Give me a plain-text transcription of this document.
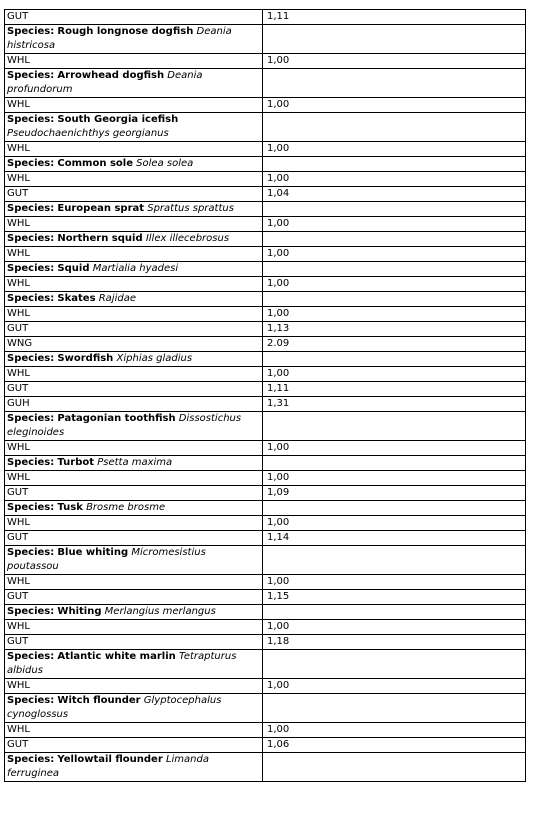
GUT	1,11
Species: Rough longnose dogfish Deania histricosa	
WHL	1,00
Species: Arrowhead dogfish Deania profundorum	
WHL	1,00
Species: South Georgia icefish Pseudochaenichthys georgianus	
WHL	1,00
Species: Common sole Solea solea	
WHL	1,00
GUT	1,04
Species: European sprat Sprattus sprattus	
WHL	1,00
Species: Northern squid Illex illecebrosus	
WHL	1,00
Species: Squid Martialia hyadesi	
WHL	1,00
Species: Skates Rajidae	
WHL	1,00
GUT	1,13
WNG	2.09
Species: Swordfish Xiphias gladius	
WHL	1,00
GUT	1,11
GUH	1,31
Species: Patagonian toothfish Dissostichus eleginoides	
WHL	1,00
Species: Turbot Psetta maxima	
WHL	1,00
GUT	1,09
Species: Tusk Brosme brosme	
WHL	1,00
GUT	1,14
Species: Blue whiting Micromesistius poutassou	
WHL	1,00
GUT	1,15
Species: Whiting Merlangius merlangus	
WHL	1,00
GUT	1,18
Species: Atlantic white marlin Tetrapturus albidus	
WHL	1,00
Species: Witch flounder Glyptocephalus cynoglossus	
WHL	1,00
GUT	1,06
Species: Yellowtail flounder Limanda ferruginea	
